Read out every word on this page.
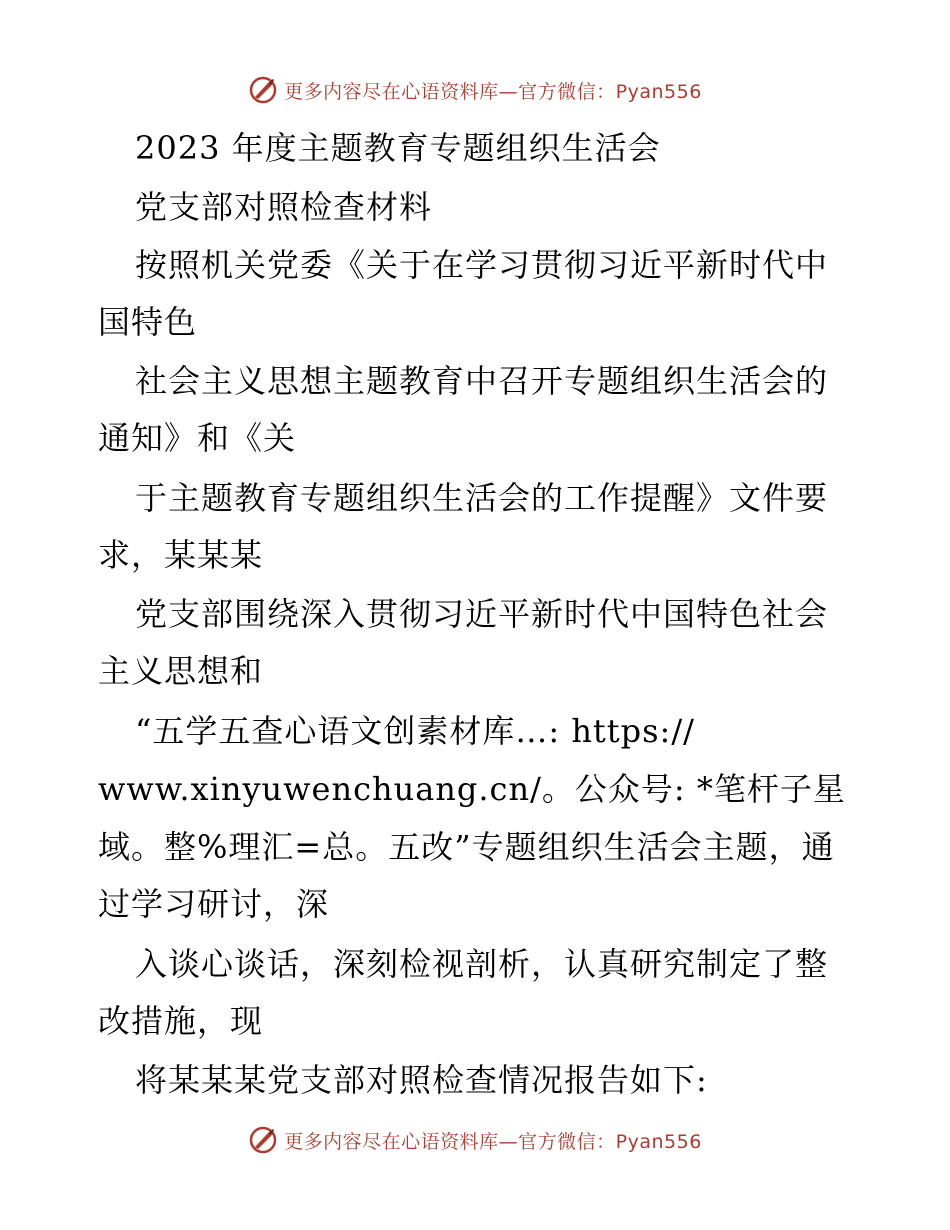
更多内容尽在心语资料库—官方微信：Pyan556
2023 年度主题教育专题组织生活会
党支部对照检查材料
按照机关党委《关于在学习贯彻习近平新时代中
国特色
社会主义思想主题教育中召开专题组织生活会的
通知》和《关
于主题教育专题组织生活会的工作提醒》文件要
求，某某某
党支部围绕深入贯彻习近平新时代中国特色社会
主义思想和
“五学五查心语文创素材库…: https://
www.xinyuwenchuang.cn/。公众号: *笔杆子星
域。整%理汇=总。五改”专题组织生活会主题，通
过学习研讨，深
入谈心谈话，深刻检视剖析，认真研究制定了整
改措施，现
将某某某党支部对照检查情况报告如下:
更多内容尽在心语资料库—官方微信：Pyan556
